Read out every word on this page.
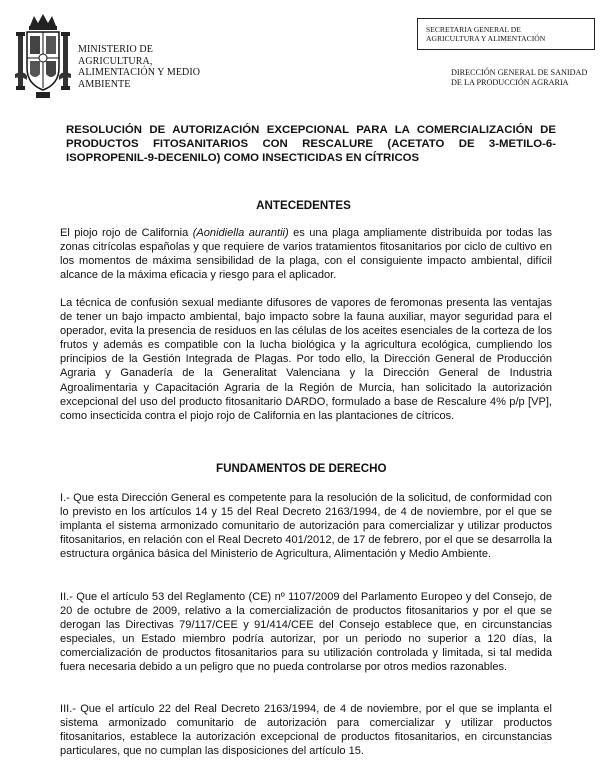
MINISTERIO DE
AGRICULTURA,
ALIMENTACIÓN Y MEDIO
AMBIENTE
SECRETARIA GENERAL DE
AGRICULTURA Y ALIMENTACIÓN
DIRECCIÓN GENERAL DE SANIDAD
DE LA PRODUCCIÓN AGRARIA
RESOLUCIÓN DE AUTORIZACIÓN EXCEPCIONAL PARA LA COMERCIALIZACIÓN DE PRODUCTOS FITOSANITARIOS CON RESCALURE (ACETATO DE 3-METILO-6-ISOPROPENIL-9-DECENILO) COMO INSECTICIDAS EN CÍTRICOS
ANTECEDENTES
El piojo rojo de California (Aonidiella aurantii) es una plaga ampliamente distribuida por todas las zonas citrícolas españolas y que requiere de varios tratamientos fitosanitarios por ciclo de cultivo en los momentos de máxima sensibilidad de la plaga, con el consiguiente impacto ambiental, difícil alcance de la máxima eficacia y riesgo para el aplicador.
La técnica de confusión sexual mediante difusores de vapores de feromonas presenta las ventajas de tener un bajo impacto ambiental, bajo impacto sobre la fauna auxiliar, mayor seguridad para el operador, evita la presencia de residuos en las células de los aceites esenciales de la corteza de los frutos y además es compatible con la lucha biológica y la agricultura ecológica, cumpliendo los principios de la Gestión Integrada de Plagas. Por todo ello, la Dirección General de Producción Agraria y Ganadería de la Generalitat Valenciana y la Dirección General de Industria Agroalimentaria y Capacitación Agraria de la Región de Murcia, han solicitado la autorización excepcional del uso del producto fitosanitario DARDO, formulado a base de Rescalure 4% p/p [VP], como insecticida contra el piojo rojo de California en las plantaciones de cítricos.
FUNDAMENTOS DE DERECHO
I.- Que esta Dirección General es competente para la resolución de la solicitud, de conformidad con lo previsto en los artículos 14 y 15 del Real Decreto 2163/1994, de 4 de noviembre, por el que se implanta el sistema armonizado comunitario de autorización para comercializar y utilizar productos fitosanitarios, en relación con el Real Decreto 401/2012, de 17 de febrero, por el que se desarrolla la estructura orgánica básica del Ministerio de Agricultura, Alimentación y Medio Ambiente.
II.- Que el artículo 53 del Reglamento (CE) nº 1107/2009 del Parlamento Europeo y del Consejo, de 20 de octubre de 2009, relativo a la comercialización de productos fitosanitarios y por el que se derogan las Directivas 79/117/CEE y 91/414/CEE del Consejo establece que, en circunstancias especiales, un Estado miembro podría autorizar, por un periodo no superior a 120 días, la comercialización de productos fitosanitarios para su utilización controlada y limitada, si tal medida fuera necesaria debido a un peligro que no pueda controlarse por otros medios razonables.
III.- Que el artículo 22 del Real Decreto 2163/1994, de 4 de noviembre, por el que se implanta el sistema armonizado comunitario de autorización para comercializar y utilizar productos fitosanitarios, establece la autorización excepcional de productos fitosanitarios, en circunstancias particulares, que no cumplan las disposiciones del artículo 15.
